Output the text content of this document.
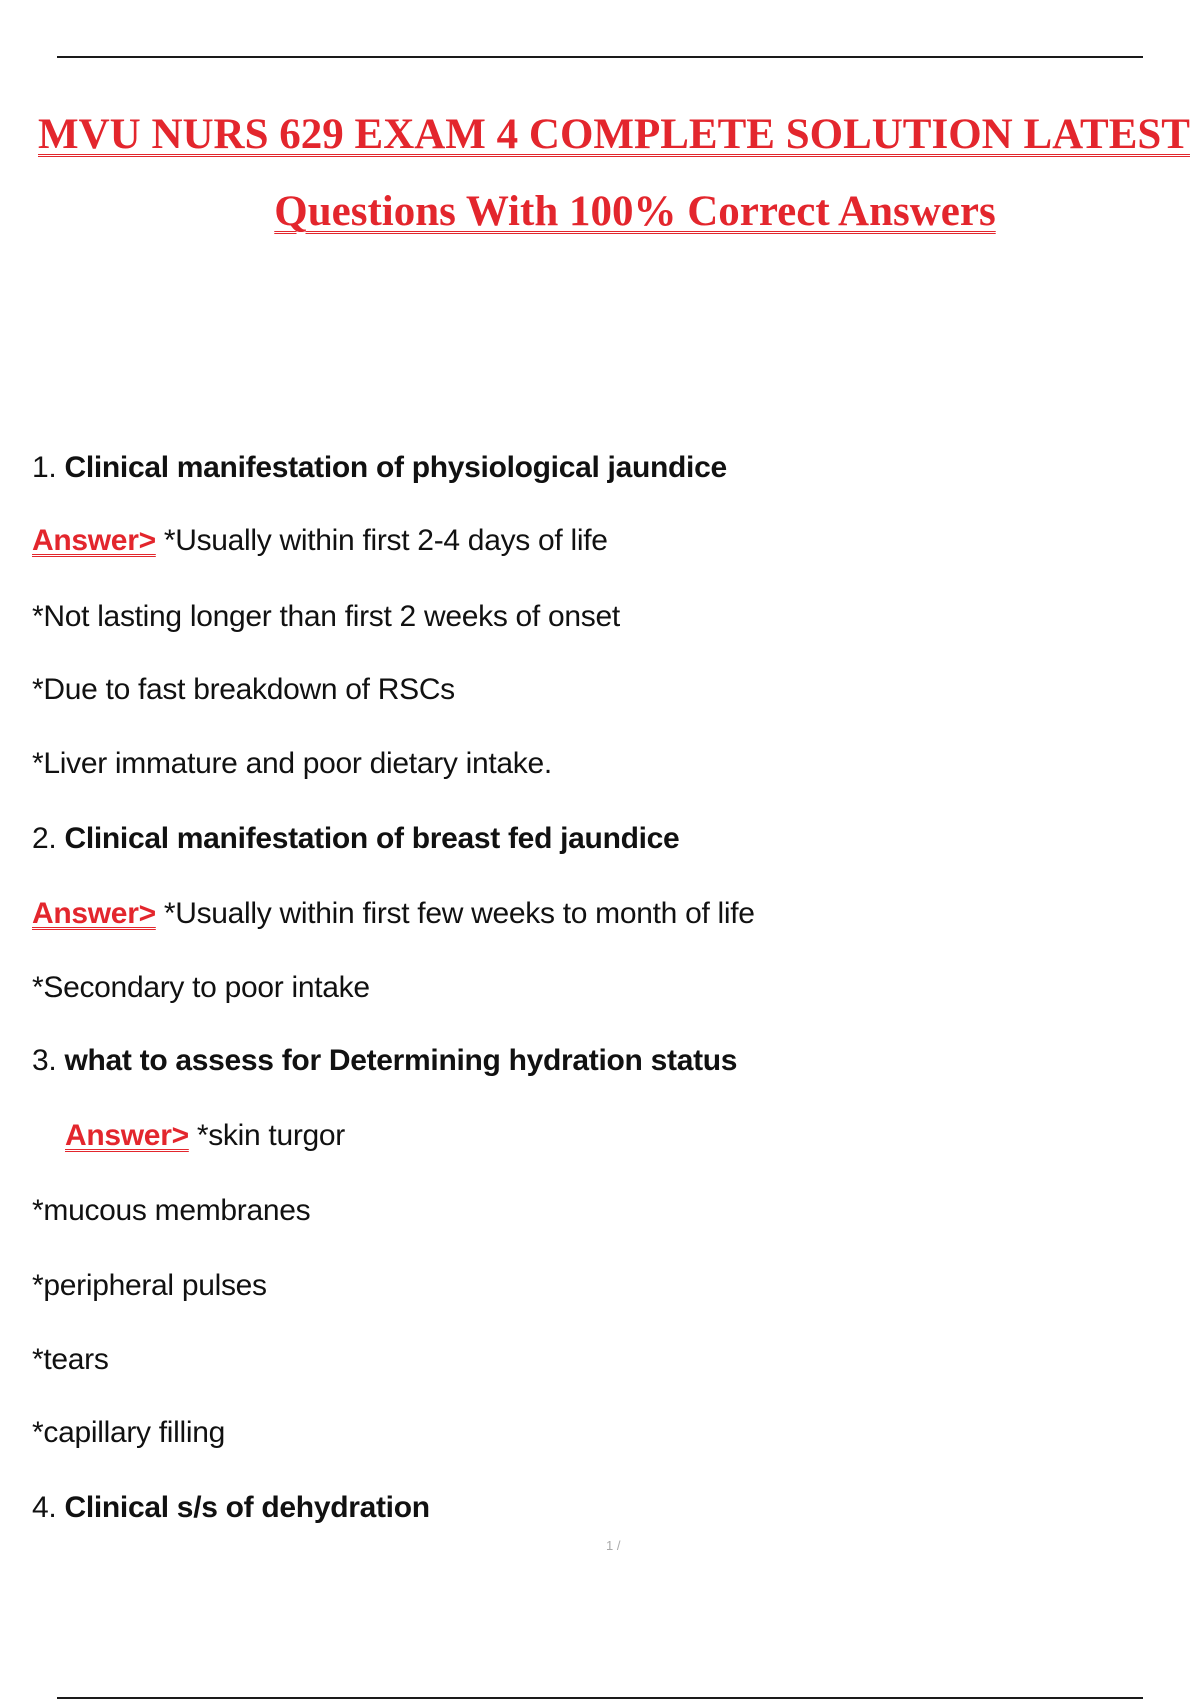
MVU NURS 629 EXAM 4 COMPLETE SOLUTION LATEST
Questions With 100% Correct Answers
1. Clinical manifestation of physiological jaundice
Answer> *Usually within first 2-4 days of life
*Not lasting longer than first 2 weeks of onset
*Due to fast breakdown of RSCs
*Liver immature and poor dietary intake.
2. Clinical manifestation of breast fed jaundice
Answer> *Usually within first few weeks to month of life
*Secondary to poor intake
3. what to assess for Determining hydration status
Answer> *skin turgor
*mucous membranes
*peripheral pulses
*tears
*capillary filling
4. Clinical s/s of dehydration
1 /
